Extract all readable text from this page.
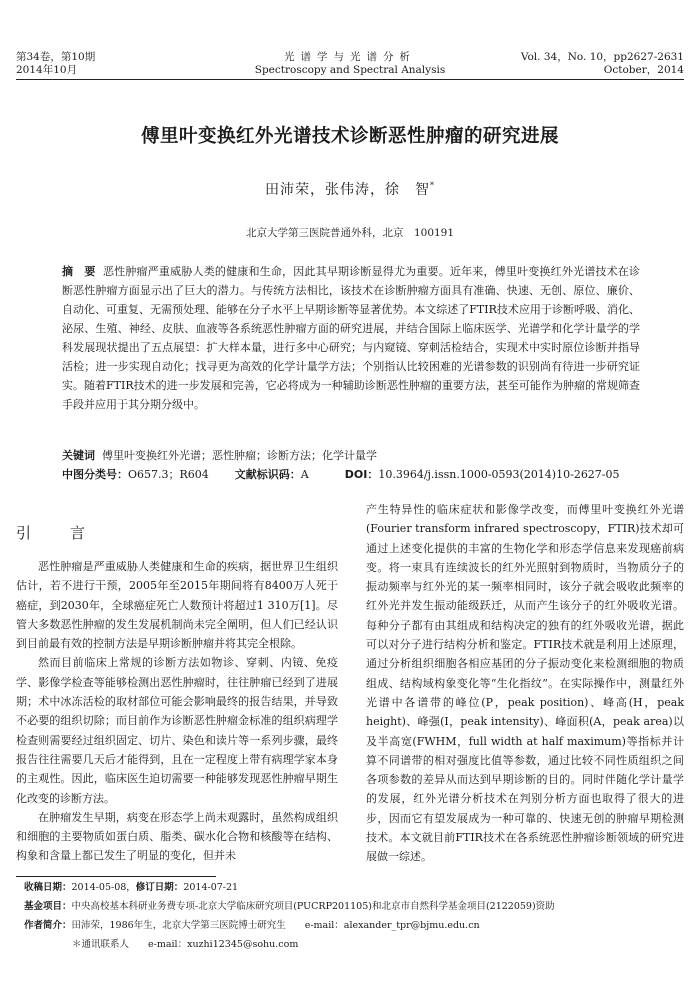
第34卷，第10期
2014年10月
光谱学与光谱分析
Spectroscopy and Spectral Analysis
Vol. 34，No. 10，pp2627-2631
October，2014
傅里叶变换红外光谱技术诊断恶性肿瘤的研究进展
田沛荣，张伟涛，徐　智*
北京大学第三医院普通外科，北京　100191
摘　要 恶性肿瘤严重威胁人类的健康和生命，因此其早期诊断显得尤为重要。近年来，傅里叶变换红外光谱技术在诊断恶性肿瘤方面显示出了巨大的潜力。与传统方法相比，该技术在诊断肿瘤方面具有准确、快速、无创、原位、廉价、自动化、可重复、无需预处理、能够在分子水平上早期诊断等显著优势。本文综述了FTIR技术应用于诊断呼吸、消化、泌尿、生殖、神经、皮肤、血液等各系统恶性肿瘤方面的研究进展，并结合国际上临床医学、光谱学和化学计量学的学科发展现状提出了五点展望：扩大样本量，进行多中心研究；与内窥镜、穿刺活检结合，实现术中实时原位诊断并指导活检；进一步实现自动化；找寻更为高效的化学计量学方法；个别指认比较困难的光谱参数的识别尚有待进一步研究证实。随着FTIR技术的进一步发展和完善，它必将成为一种辅助诊断恶性肿瘤的重要方法，甚至可能作为肿瘤的常规筛查手段并应用于其分期分级中。
关键词 傅里叶变换红外光谱；恶性肿瘤；诊断方法；化学计量学
中图分类号：O657.3；R604 文献标识码：A	DOI：10.3964/j.issn.1000-0593(2014)10-2627-05
引　言

恶性肿瘤是严重威胁人类健康和生命的疾病，据世界卫生组织估计，若不进行干预，2005年至2015年期间将有8400万人死于癌症，到2030年，全球癌症死亡人数预计将超过1 310万[1]。尽管大多数恶性肿瘤的发生发展机制尚未完全阐明，但人们已经认识到目前最有效的控制方法是早期诊断肿瘤并将其完全根除。

然而目前临床上常规的诊断方法如物诊、穿刺、内镜、免疫学、影像学检查等能够检测出恶性肿瘤时，往往肿瘤已经到了进展期；术中冰冻活检的取材部位可能会影响最终的报告结果，并导致不必要的组织切除；而目前作为诊断恶性肿瘤金标准的组织病理学检查则需要经过组织固定、切片、染色和读片等一系列步骤，最终报告往往需要几天后才能得到，且在一定程度上带有病理学家本身的主观性。因此，临床医生迫切需要一种能够发现恶性肿瘤早期生化改变的诊断方法。

在肿瘤发生早期，病变在形态学上尚未观露时，虽然构成组织和细胞的主要物质如蛋白质、脂类、碳水化合物和核酸等在结构、构象和含量上都已发生了明显的变化，但并未

产生特异性的临床症状和影像学改变，而傅里叶变换红外光谱(Fourier transform infrared spectroscopy，FTIR)技术却可通过上述变化提供的丰富的生物化学和形态学信息来发现癌前病变。将一束具有连续波长的红外光照射到物质时，当物质分子的振动频率与红外光的某一频率相同时，该分子就会吸收此频率的红外光并发生振动能级跃迁，从而产生该分子的红外吸收光谱。每种分子都有由其组成和结构决定的独有的红外吸收光谱，据此可以对分子进行结构分析和鉴定。FTIR技术就是利用上述原理，通过分析组织细胞各相应基团的分子振动变化来检测细胞的物质组成、结构域构象变化等“生化指纹”。在实际操作中，测量红外光谱中各谱带的峰位(P，peak position)、峰高(H，peak height)、峰强(I，peak intensity)、峰面积(A，peak area)以及半高宽(FWHM，full width at half maximum)等指标并计算不同谱带的相对强度比值等参数，通过比较不同性质组织之间各项参数的差异从而达到早期诊断的目的。同时伴随化学计量学的发展，红外光谱分析技术在判别分析方面也取得了很大的进步，因而它有望发展成为一种可靠的、快速无创的肿瘤早期检测技术。本文就目前FTIR技术在各系统恶性肿瘤诊断领域的研究进展做一综述。

收稿日期：2014-05-08，修订日期：2014-07-21
基金项目：中央高校基本科研业务费专项-北京大学临床研究项目(PUCRP201105)和北京市自然科学基金项目(2122059)资助
作者简介：田沛荣，1986年生，北京大学第三医院博士研究生　　e-mail：alexander_tpr@bjmu.edu.cn
＊通讯联系人　　e-mail：xuzhi12345@sohu.com
